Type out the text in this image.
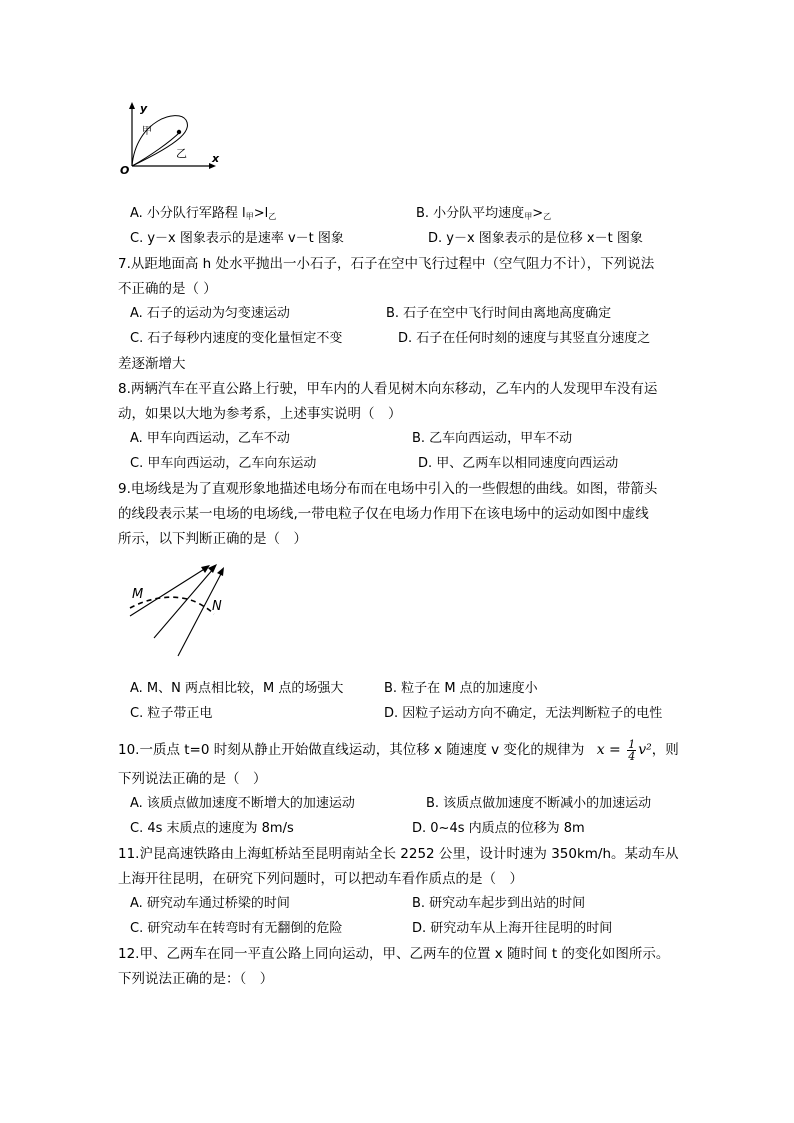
y
x
O
甲
乙
A. 小分队行军路程 $l_甲>l_乙$	B. 小分队平均速度$_甲>_乙$
C. y－x 图象表示的是速率 v－t 图象	D. y－x 图象表示的是位移 x－t 图象
7.从距地面高 h 处水平抛出一小石子，石子在空中飞行过程中（空气阻力不计），下列说法
不正确的是（ ）
A. 石子的运动为匀变速运动	B. 石子在空中飞行时间由离地高度确定
C. 石子每秒内速度的变化量恒定不变	D. 石子在任何时刻的速度与其竖直分速度之
差逐渐增大
8.两辆汽车在平直公路上行驶，甲车内的人看见树木向东移动，乙车内的人发现甲车没有运
动，如果以大地为参考系，上述事实说明（　）
A. 甲车向西运动，乙车不动	B. 乙车向西运动，甲车不动
C. 甲车向西运动，乙车向东运动	D. 甲、乙两车以相同速度向西运动
9.电场线是为了直观形象地描述电场分布而在电场中引入的一些假想的曲线。如图，带箭头
的线段表示某一电场的电场线,一带电粒子仅在电场力作用下在该电场中的运动如图中虚线
所示，以下判断正确的是（　）
M
N
A. M、N 两点相比较，M 点的场强大	B. 粒子在 M 点的加速度小
C. 粒子带正电	D. 因粒子运动方向不确定，无法判断粒子的电性
10.一质点 t=0 时刻从静止开始做直线运动，其位移 x 随速度 v 变化的规律为 $x = \frac{1}{4} v^2$，则
下列说法正确的是（　）
A. 该质点做加速度不断增大的加速运动	B. 该质点做加速度不断减小的加速运动
C. 4s 末质点的速度为 8m/s	D. 0~4s 内质点的位移为 8m
11.沪昆高速铁路由上海虹桥站至昆明南站全长 2252 公里，设计时速为 350km/h。某动车从
上海开往昆明，在研究下列问题时，可以把动车看作质点的是（　）
A. 研究动车通过桥梁的时间	B. 研究动车起步到出站的时间
C. 研究动车在转弯时有无翻倒的危险	D. 研究动车从上海开往昆明的时间
12.甲、乙两车在同一平直公路上同向运动，甲、乙两车的位置 x 随时间 t 的变化如图所示。
下列说法正确的是：（　）
